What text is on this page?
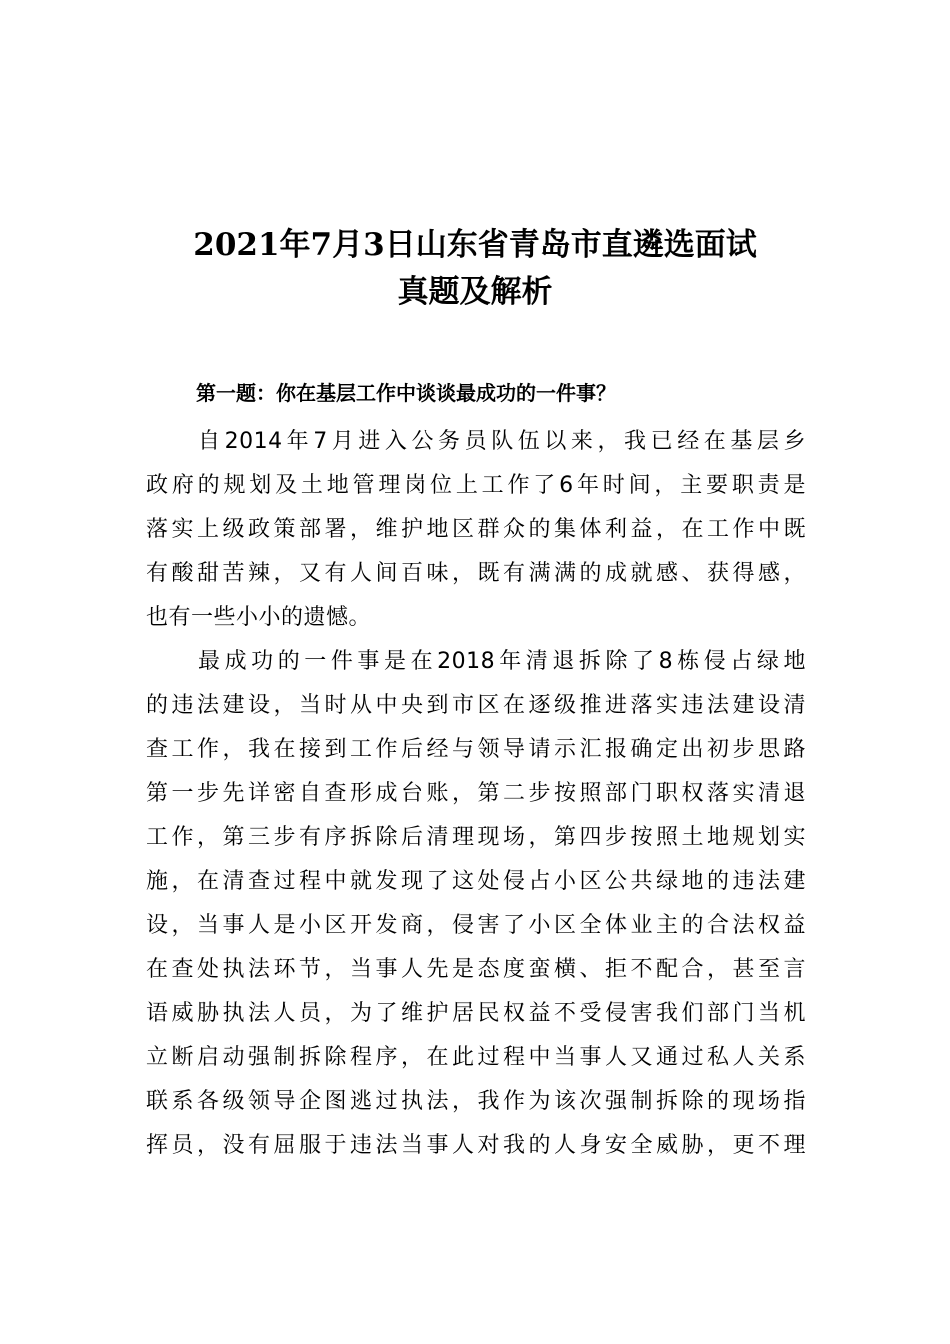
2021年7月3日山东省青岛市直遴选面试
真题及解析

第一题：你在基层工作中谈谈最成功的一件事？

自2014年7月进入公务员队伍以来，我已经在基层乡
政府的规划及土地管理岗位上工作了6年时间，主要职责是
落实上级政策部署，维护地区群众的集体利益，在工作中既
有酸甜苦辣，又有人间百味，既有满满的成就感、获得感，
也有一些小小的遗憾。
最成功的一件事是在2018年清退拆除了8栋侵占绿地
的违法建设，当时从中央到市区在逐级推进落实违法建设清
查工作，我在接到工作后经与领导请示汇报确定出初步思路
第一步先详密自查形成台账，第二步按照部门职权落实清退
工作，第三步有序拆除后清理现场，第四步按照土地规划实
施，在清查过程中就发现了这处侵占小区公共绿地的违法建
设，当事人是小区开发商，侵害了小区全体业主的合法权益
在查处执法环节，当事人先是态度蛮横、拒不配合，甚至言
语威胁执法人员，为了维护居民权益不受侵害我们部门当机
立断启动强制拆除程序，在此过程中当事人又通过私人关系
联系各级领导企图逃过执法，我作为该次强制拆除的现场指
挥员，没有屈服于违法当事人对我的人身安全威胁，更不理
